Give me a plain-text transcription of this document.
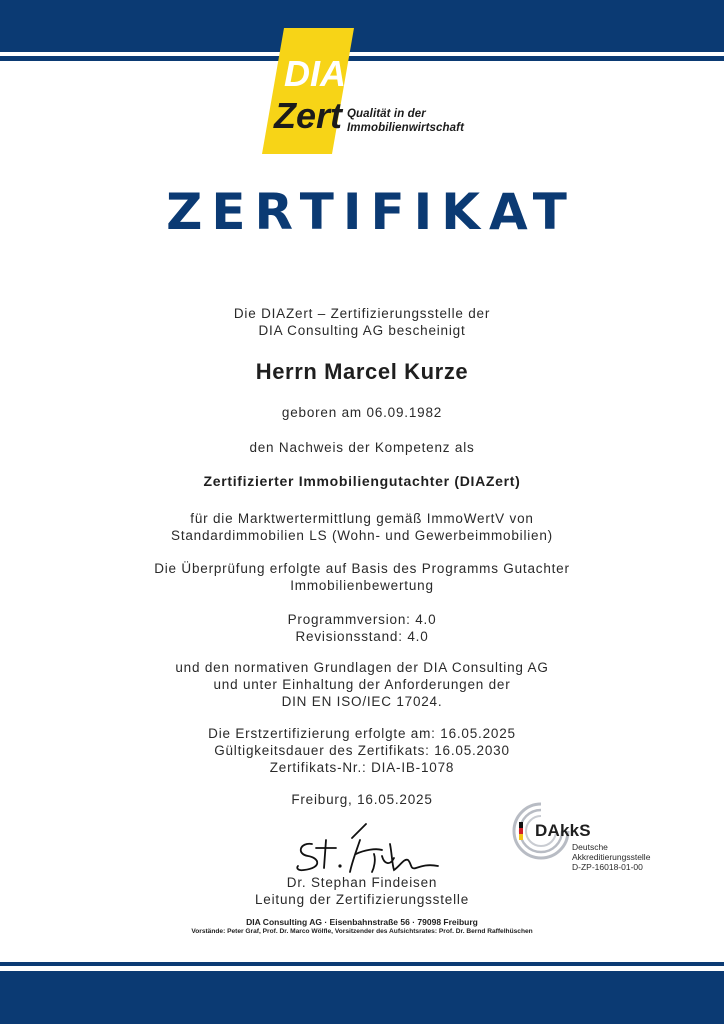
DIA
Zert Qualität in der
Immobilienwirtschaft
ZERTIFIKAT

Die DIAZert – Zertifizierungsstelle der

DIA Consulting AG bescheinigt

Herrn Marcel Kurze

geboren am 06.09.1982

den Nachweis der Kompetenz als

Zertifizierter Immobiliengutachter (DIAZert)

für die Marktwertermittlung gemäß ImmoWertV von

Standardimmobilien LS (Wohn- und Gewerbeimmobilien)

Die Überprüfung erfolgte auf Basis des Programms Gutachter

Immobilienbewertung

Programmversion: 4.0

Revisionsstand: 4.0

und den normativen Grundlagen der DIA Consulting AG

und unter Einhaltung der Anforderungen der

DIN EN ISO/IEC 17024.

Die Erstzertifizierung erfolgte am: 16.05.2025

Gültigkeitsdauer des Zertifikats: 16.05.2030

Zertifikats-Nr.: DIA-IB-1078

Freiburg, 16.05.2025

Dr. Stephan Findeisen

Leitung der Zertifizierungsstelle

DAkkS
Deutsche
Akkreditierungsstelle
D-ZP-16018-01-00
DIA Consulting AG · Eisenbahnstraße 56 · 79098 Freiburg
Vorstände: Peter Graf, Prof. Dr. Marco Wölfle, Vorsitzender des Aufsichtsrates: Prof. Dr. Bernd Raffelhüschen
